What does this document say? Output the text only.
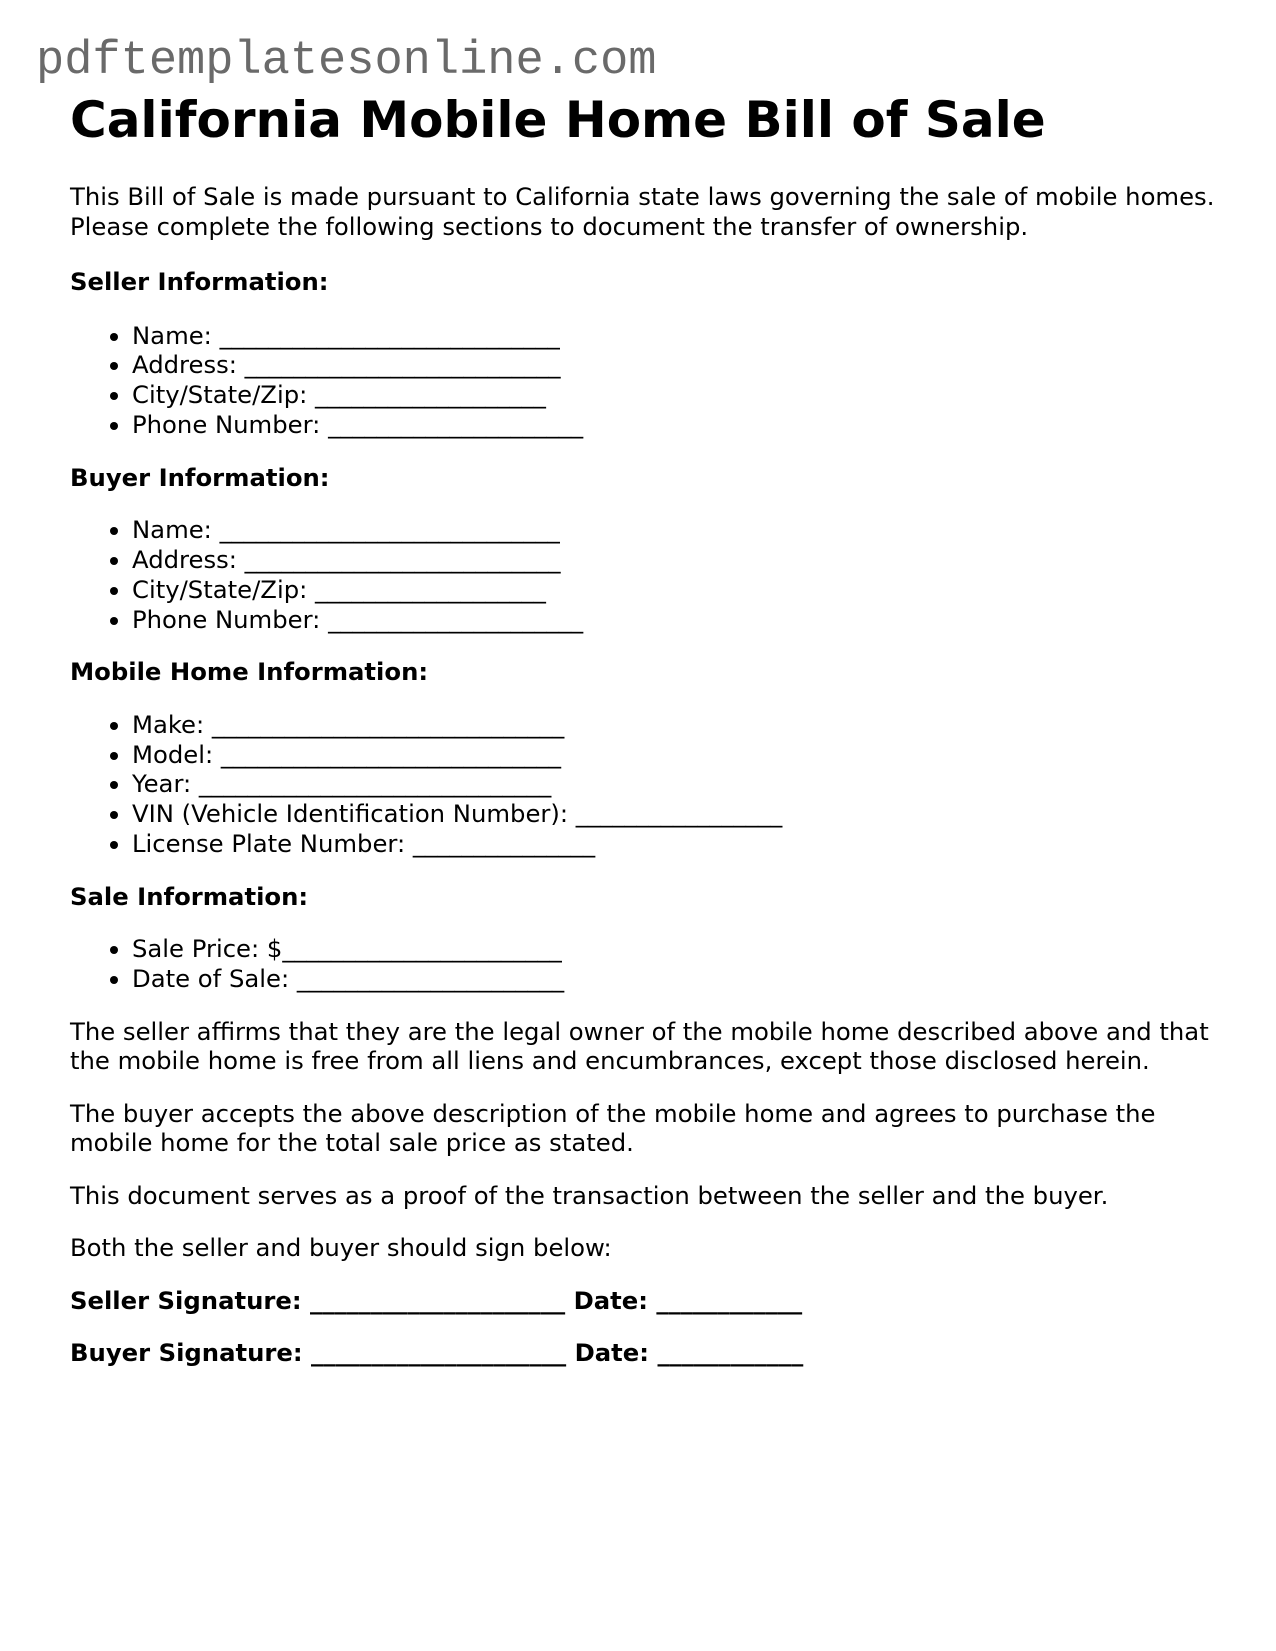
pdftemplatesonline.com
California Mobile Home Bill of Sale

This Bill of Sale is made pursuant to California state laws governing the sale of mobile homes. Please complete the following sections to document the transfer of ownership.

Seller Information:
• Name: ____________________________
• Address: __________________________
• City/State/Zip: ___________________
• Phone Number: _____________________
Buyer Information:
• Name: ____________________________
• Address: __________________________
• City/State/Zip: ___________________
• Phone Number: _____________________
Mobile Home Information:
• Make: _____________________________
• Model: ____________________________
• Year: _____________________________
• VIN (Vehicle Identification Number): _________________
• License Plate Number: _______________
Sale Information:
• Sale Price: $_______________________
• Date of Sale: ______________________

The seller affirms that they are the legal owner of the mobile home described above and that the mobile home is free from all liens and encumbrances, except those disclosed herein.

The buyer accepts the above description of the mobile home and agrees to purchase the mobile home for the total sale price as stated.

This document serves as a proof of the transaction between the seller and the buyer.

Both the seller and buyer should sign below:

Seller Signature: _____________________ Date: ____________

Buyer Signature: _____________________ Date: ____________
